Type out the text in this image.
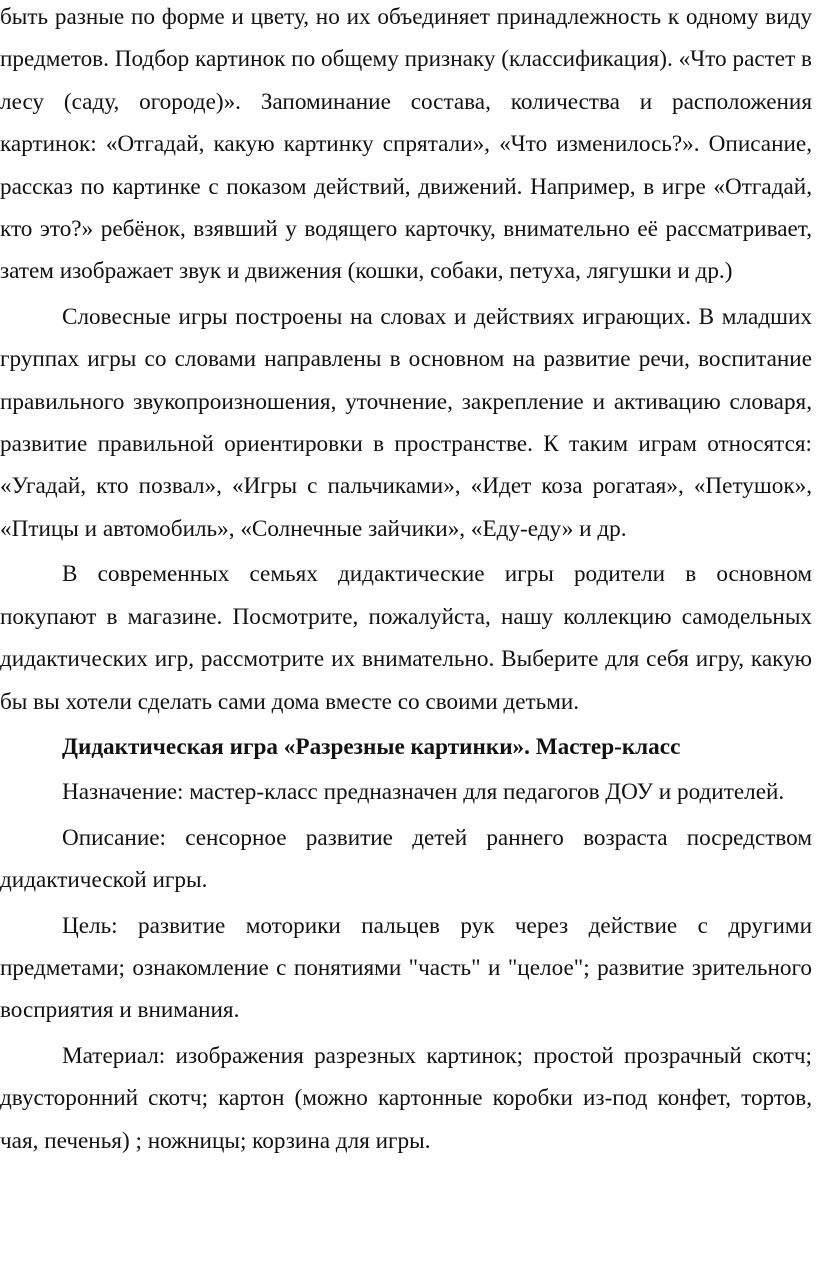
быть разные по форме и цвету, но их объединяет принадлежность к одному виду предметов. Подбор картинок по общему признаку (классификация). «Что растет в лесу (саду, огороде)». Запоминание состава, количества и расположения картинок: «Отгадай, какую картинку спрятали», «Что изменилось?». Описание, рассказ по картинке с показом действий, движений. Например, в игре «Отгадай, кто это?» ребёнок, взявший у водящего карточку, внимательно её рассматривает, затем изображает звук и движения (кошки, собаки, петуха, лягушки и др.)

Словесные игры построены на словах и действиях играющих. В младших группах игры со словами направлены в основном на развитие речи, воспитание правильного звукопроизношения, уточнение, закрепление и активацию словаря, развитие правильной ориентировки в пространстве. К таким играм относятся: «Угадай, кто позвал», «Игры с пальчиками», «Идет коза рогатая», «Петушок», «Птицы и автомобиль», «Солнечные зайчики», «Еду-еду» и др.

В современных семьях дидактические игры родители в основном покупают в магазине. Посмотрите, пожалуйста, нашу коллекцию самодельных дидактических игр, рассмотрите их внимательно. Выберите для себя игру, какую бы вы хотели сделать сами дома вместе со своими детьми.

Дидактическая игра «Разрезные картинки». Мастер-класс

Назначение: мастер-класс предназначен для педагогов ДОУ и родителей.

Описание: сенсорное развитие детей раннего возраста посредством дидактической игры.

Цель: развитие моторики пальцев рук через действие с другими предметами; ознакомление с понятиями "часть" и "целое"; развитие зрительного восприятия и внимания.

Материал: изображения разрезных картинок; простой прозрачный скотч; двусторонний скотч; картон (можно картонные коробки из-под конфет, тортов, чая, печенья) ; ножницы; корзина для игры.
